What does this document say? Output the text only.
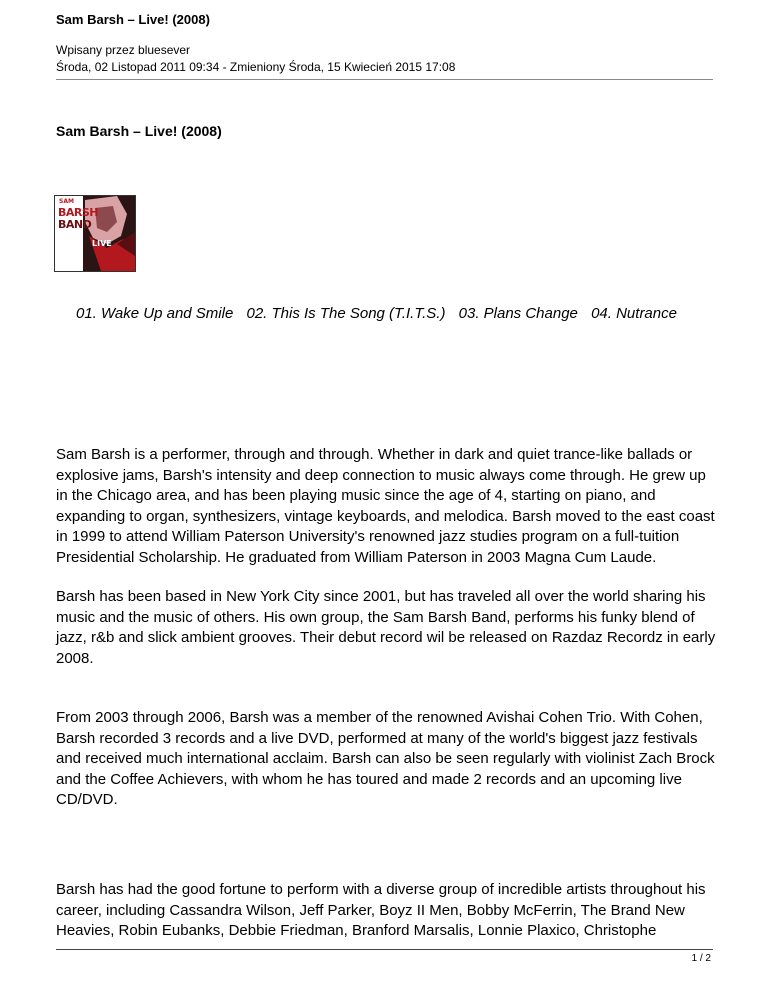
Sam Barsh – Live! (2008)
Wpisany przez bluesever
Środa, 02 Listopad 2011 09:34 - Zmieniony Środa, 15 Kwiecień 2015 17:08
Sam Barsh – Live! (2008)
SAM
BARSH
BAND
LIVE
01. Wake Up and Smile 02. This Is The Song (T.I.T.S.) 03. Plans Change 04. Nutrance

Sam Barsh is a performer, through and through. Whether in dark and quiet trance-like ballads or explosive jams, Barsh's intensity and deep connection to music always come through. He grew up in the Chicago area, and has been playing music since the age of 4, starting on piano, and expanding to organ, synthesizers, vintage keyboards, and melodica. Barsh moved to the east coast in 1999 to attend William Paterson University's renowned jazz studies program on a full-tuition Presidential Scholarship. He graduated from William Paterson in 2003 Magna Cum Laude.

Barsh has been based in New York City since 2001, but has traveled all over the world sharing his music and the music of others. His own group, the Sam Barsh Band, performs his funky blend of jazz, r&b and slick ambient grooves. Their debut record wil be released on Razdaz Recordz in early 2008.

From 2003 through 2006, Barsh was a member of the renowned Avishai Cohen Trio. With Cohen, Barsh recorded 3 records and a live DVD, performed at many of the world's biggest jazz festivals and received much international acclaim. Barsh can also be seen regularly with violinist Zach Brock and the Coffee Achievers, with whom he has toured and made 2 records and an upcoming live CD/DVD.

Barsh has had the good fortune to perform with a diverse group of incredible artists throughout his career, including Cassandra Wilson, Jeff Parker, Boyz II Men, Bobby McFerrin, The Brand New Heavies, Robin Eubanks, Debbie Friedman, Branford Marsalis, Lonnie Plaxico, Christophe

1 / 2
